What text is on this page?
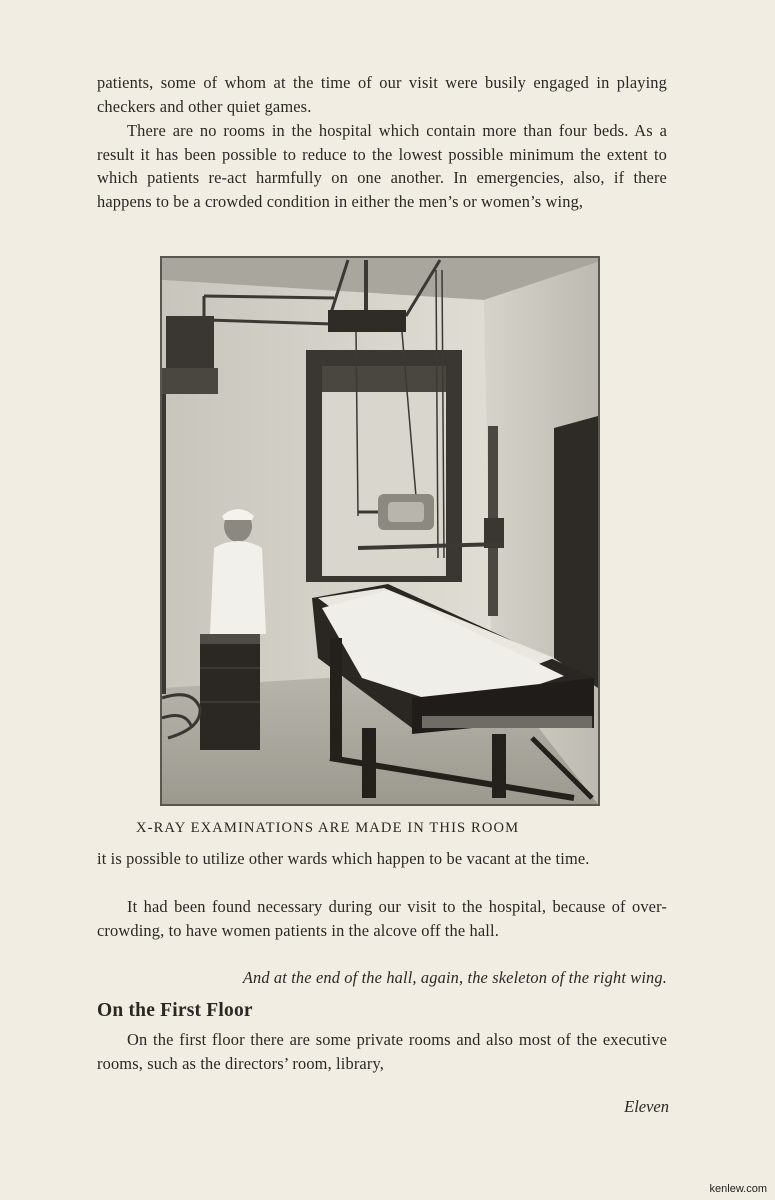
patients, some of whom at the time of our visit were busily engaged in playing checkers and other quiet games.

There are no rooms in the hospital which contain more than four beds. As a result it has been possible to reduce to the lowest possible minimum the extent to which patients re-act harmfully on one another. In emergencies, also, if there happens to be a crowded condition in either the men’s or women’s wing,

X-RAY EXAMINATIONS ARE MADE IN THIS ROOM

it is possible to utilize other wards which happen to be vacant at the time.

It had been found necessary during our visit to the hospital, because of over-crowding, to have women patients in the alcove off the hall.

And at the end of the hall, again, the skeleton of the right wing.

On the First Floor

On the first floor there are some private rooms and also most of the executive rooms, such as the directors’ room, library,

Eleven

kenlew.com
